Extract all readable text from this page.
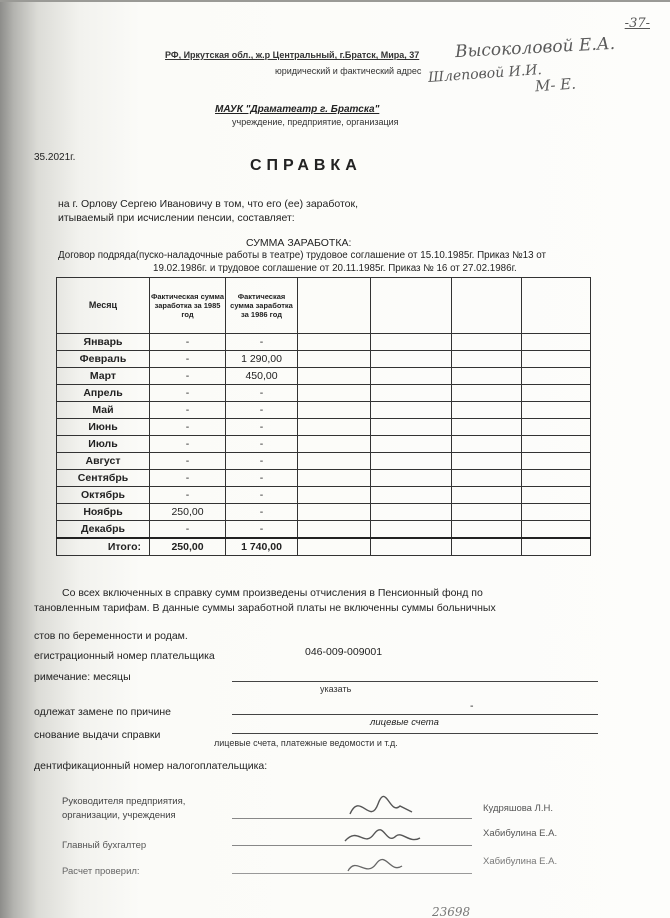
-37-
РФ, Иркутская обл., ж.р Центральный, г.Братск, Мира, 37
юридический и фактический адрес
Высоколовой Е.А.
Шлеповой И.И.
М- Е.
МАУК "Драматеатр г. Братска"
учреждение, предприятие, организация
35.2021г.	СПРАВКА
на г. Орлову Сергею Ивановичу в том, что его (ее) заработок,
итываемый при исчислении пенсии, составляет:
СУММА ЗАРАБОТКА:
Договор подряда(пуско-наладочные работы в театре) трудовое соглашение от 15.10.1985г. Приказ №13 от
19.02.1986г. и трудовое соглашение от 20.11.1985г. Приказ № 16 от 27.02.1986г.
Месяц	Фактическая сумма заработка за 1985 год	Фактическая сумма заработка за 1986 год				
Январь	-	-				
Февраль	-	1 290,00				
Март	-	450,00				
Апрель	-	-				
Май	-	-				
Июнь	-	-				
Июль	-	-				
Август	-	-				
Сентябрь	-	-				
Октябрь	-	-				
Ноябрь	250,00	-				
Декабрь	-	-				
Итого:	250,00	1 740,00				
Со всех включенных в справку сумм произведены отчисления в Пенсионный фонд по
тановленным тарифам. В данные суммы заработной платы не включенны суммы больничных
стов по беременности и родам.
егистрационный номер плательщика	046-009-009001
римечание: месяцы
указать
одлежат замене по причине	-
лицевые счета
снование выдачи справки
лицевые счета, платежные ведомости и т.д.
дентификационный номер налогоплательщика:
Руководителя предприятия,
организации, учреждения
Кудряшова Л.Н.
Главный бухгалтер
Хабибулина Е.А.
Расчет проверил:
Хабибулина Е.А.
23698
